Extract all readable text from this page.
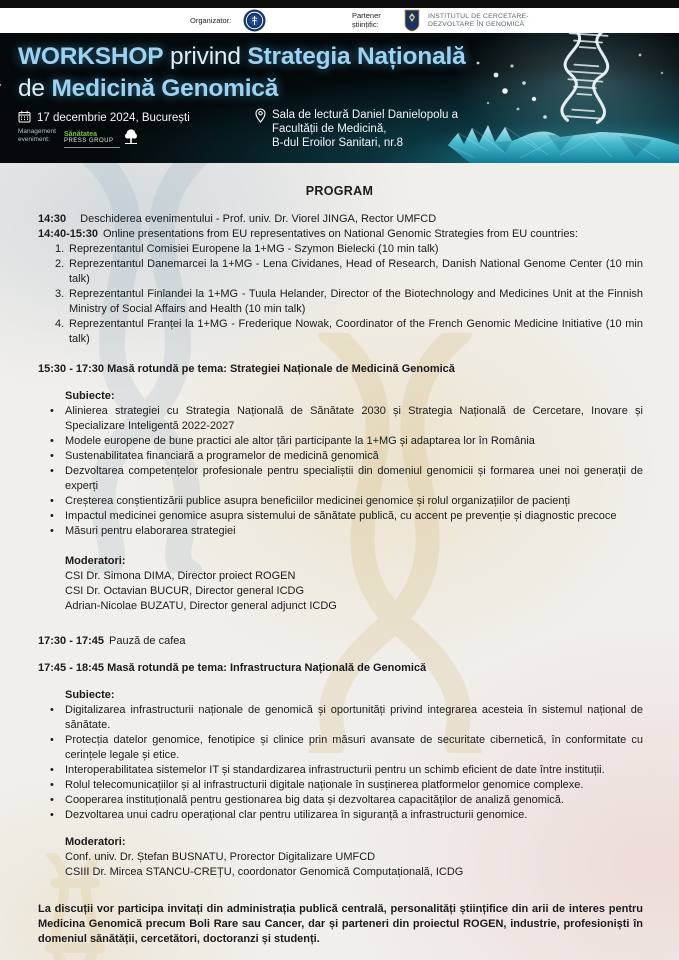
Organizator:
Partener
științific:
INSTITUTUL DE CERCETARE-
DEZVOLTARE ÎN GENOMICĂ
WORKSHOP privind Strategia Națională de Medicină Genomică
17 decembrie 2024, București
Management
eveniment:
Sănătatea
PRESS GROUP
Sala de lectură Daniel Danielopolu a
Facultății de Medicină,
B-dul Eroilor Sanitari, nr.8
PROGRAM
14:30 Deschiderea evenimentului - Prof. univ. Dr. Viorel JINGA, Rector UMFCD
14:40-15:30 Online presentations from EU representatives on National Genomic Strategies from EU countries:
1. Reprezentantul Comisiei Europene la 1+MG - Szymon Bielecki (10 min talk)
2. Reprezentantul Danemarcei la 1+MG - Lena Cividanes, Head of Research, Danish National Genome Center (10 min talk)
3. Reprezentantul Finlandei la 1+MG - Tuula Helander, Director of the Biotechnology and Medicines Unit at the Finnish Ministry of Social Affairs and Health (10 min talk)
4. Reprezentantul Franței la 1+MG - Frederique Nowak, Coordinator of the French Genomic Medicine Initiative (10 min talk)
15:30 - 17:30 Masă rotundă pe tema: Strategiei Naționale de Medicină Genomică
Subiecte:
•	Alinierea strategiei cu Strategia Națională de Sănătate 2030 și Strategia Națională de Cercetare, Inovare și Specializare Inteligentă 2022-2027
•	Modele europene de bune practici ale altor țări participante la 1+MG și adaptarea lor în România
•	Sustenabilitatea financiară a programelor de medicină genomică
•	Dezvoltarea competențelor profesionale pentru specialiștii din domeniul genomicii și formarea unei noi generații de experți
•	Creșterea conștientizării publice asupra beneficiilor medicinei genomice și rolul organizațiilor de pacienți
•	Impactul medicinei genomice asupra sistemului de sănătate publică, cu accent pe prevenție și diagnostic precoce
•	Măsuri pentru elaborarea strategiei
Moderatori:
CSI Dr. Simona DIMA, Director proiect ROGEN
CSI Dr. Octavian BUCUR, Director general ICDG
Adrian-Nicolae BUZATU, Director general adjunct ICDG
17:30 - 17:45 Pauză de cafea
17:45 - 18:45 Masă rotundă pe tema: Infrastructura Națională de Genomică
Subiecte:
•	Digitalizarea infrastructurii naționale de genomică și oportunități privind integrarea acesteia în sistemul național de sănătate.
•	Protecția datelor genomice, fenotipice și clinice prin măsuri avansate de securitate cibernetică, în conformitate cu cerințele legale și etice.
•	Interoperabilitatea sistemelor IT și standardizarea infrastructurii pentru un schimb eficient de date între instituții.
•	Rolul telecomunicațiilor și al infrastructurii digitale naționale în susținerea platformelor genomice complexe.
•	Cooperarea instituțională pentru gestionarea big data și dezvoltarea capacităților de analiză genomică.
•	Dezvoltarea unui cadru operațional clar pentru utilizarea în siguranță a infrastructurii genomice.
Moderatori:
Conf. univ. Dr. Ștefan BUSNATU, Prorector Digitalizare UMFCD
CSIII Dr. Mircea STANCU-CREȚU, coordonator Genomică Computațională, ICDG
La discuții vor participa invitați din administrația publică centrală, personalități științifice din arii de interes pentru Medicina Genomică precum Boli Rare sau Cancer, dar și parteneri din proiectul ROGEN, industrie, profesioniști în domeniul sănătății, cercetători, doctoranzi și studenți.
